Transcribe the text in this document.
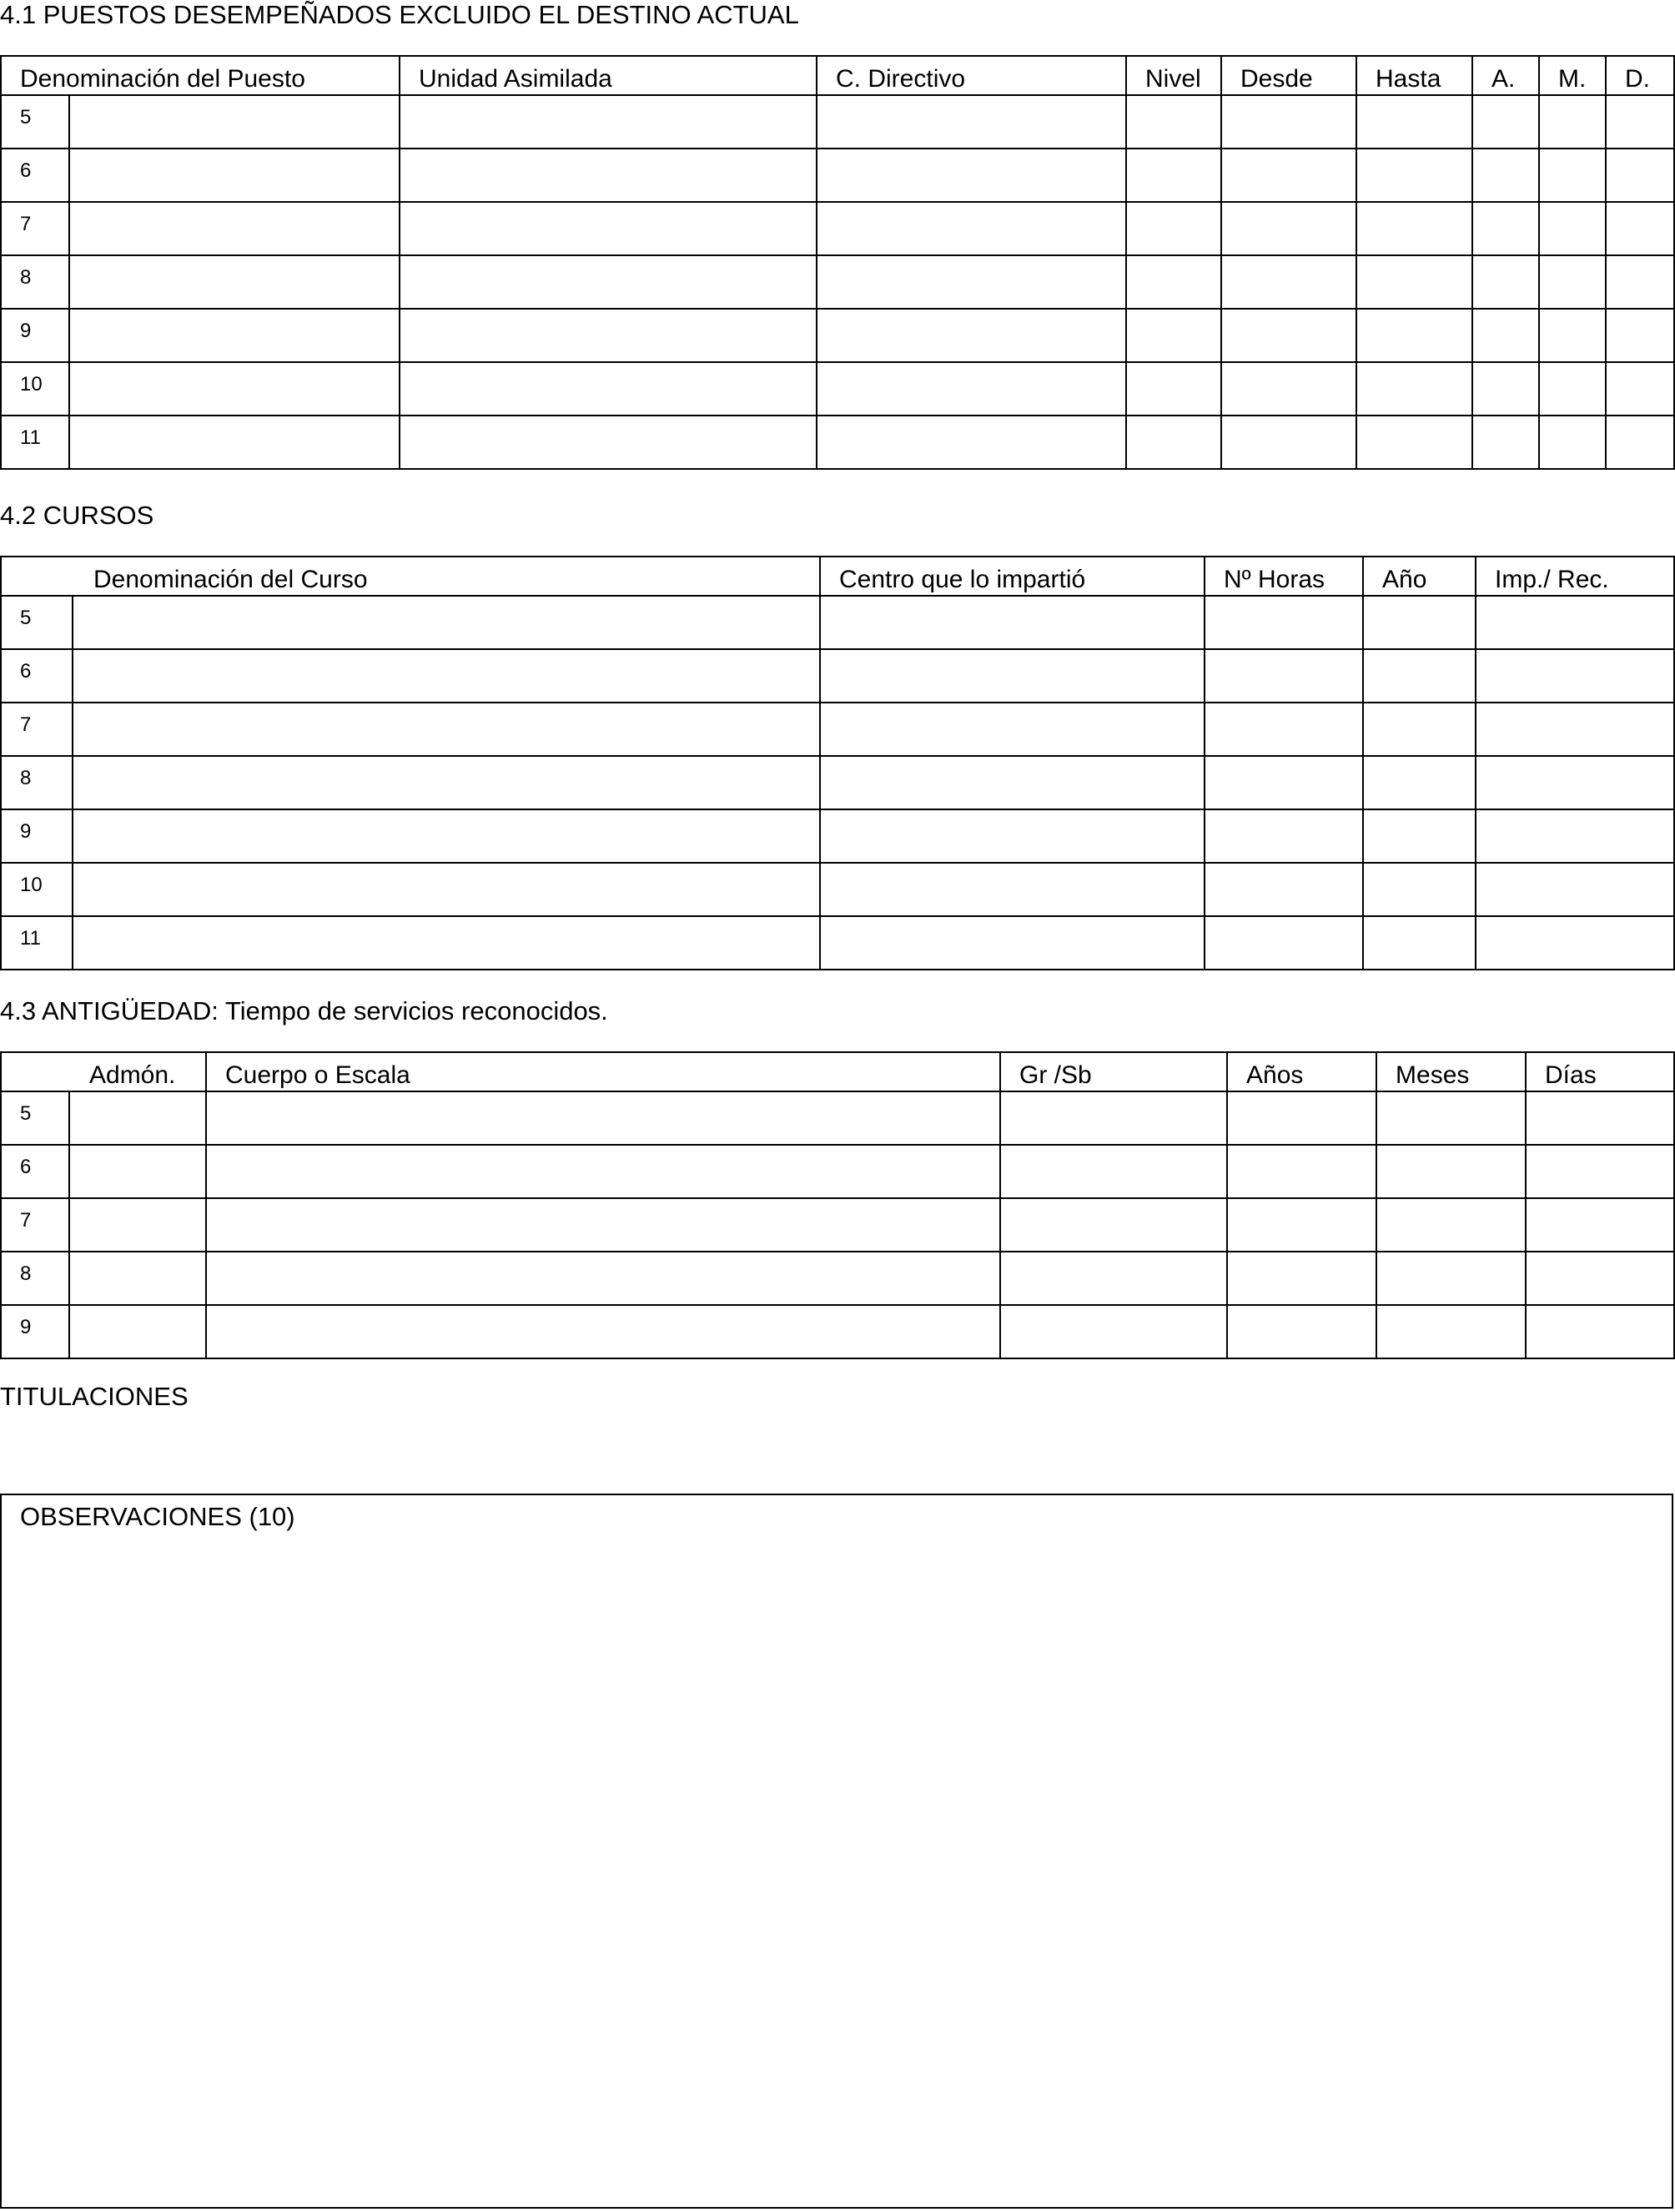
4.1 PUESTOS DESEMPEÑADOS EXCLUIDO EL DESTINO ACTUAL
Denominación del Puesto		Unidad Asimilada	C. Directivo	Nivel	Desde	Hasta	A.	M.	D.
5									
6									
7									
8									
9									
10									
11									
4.2 CURSOS
Denominación del Curso		Centro que lo impartió	Nº Horas	Año	Imp./ Rec.
5					
6					
7					
8					
9					
10					
11					
4.3 ANTIGÜEDAD: Tiempo de servicios reconocidos.
Admón.		Cuerpo o Escala	Gr /Sb	Años	Meses	Días
5						
6						
7						
8						
9						
TITULACIONES
OBSERVACIONES (10)
